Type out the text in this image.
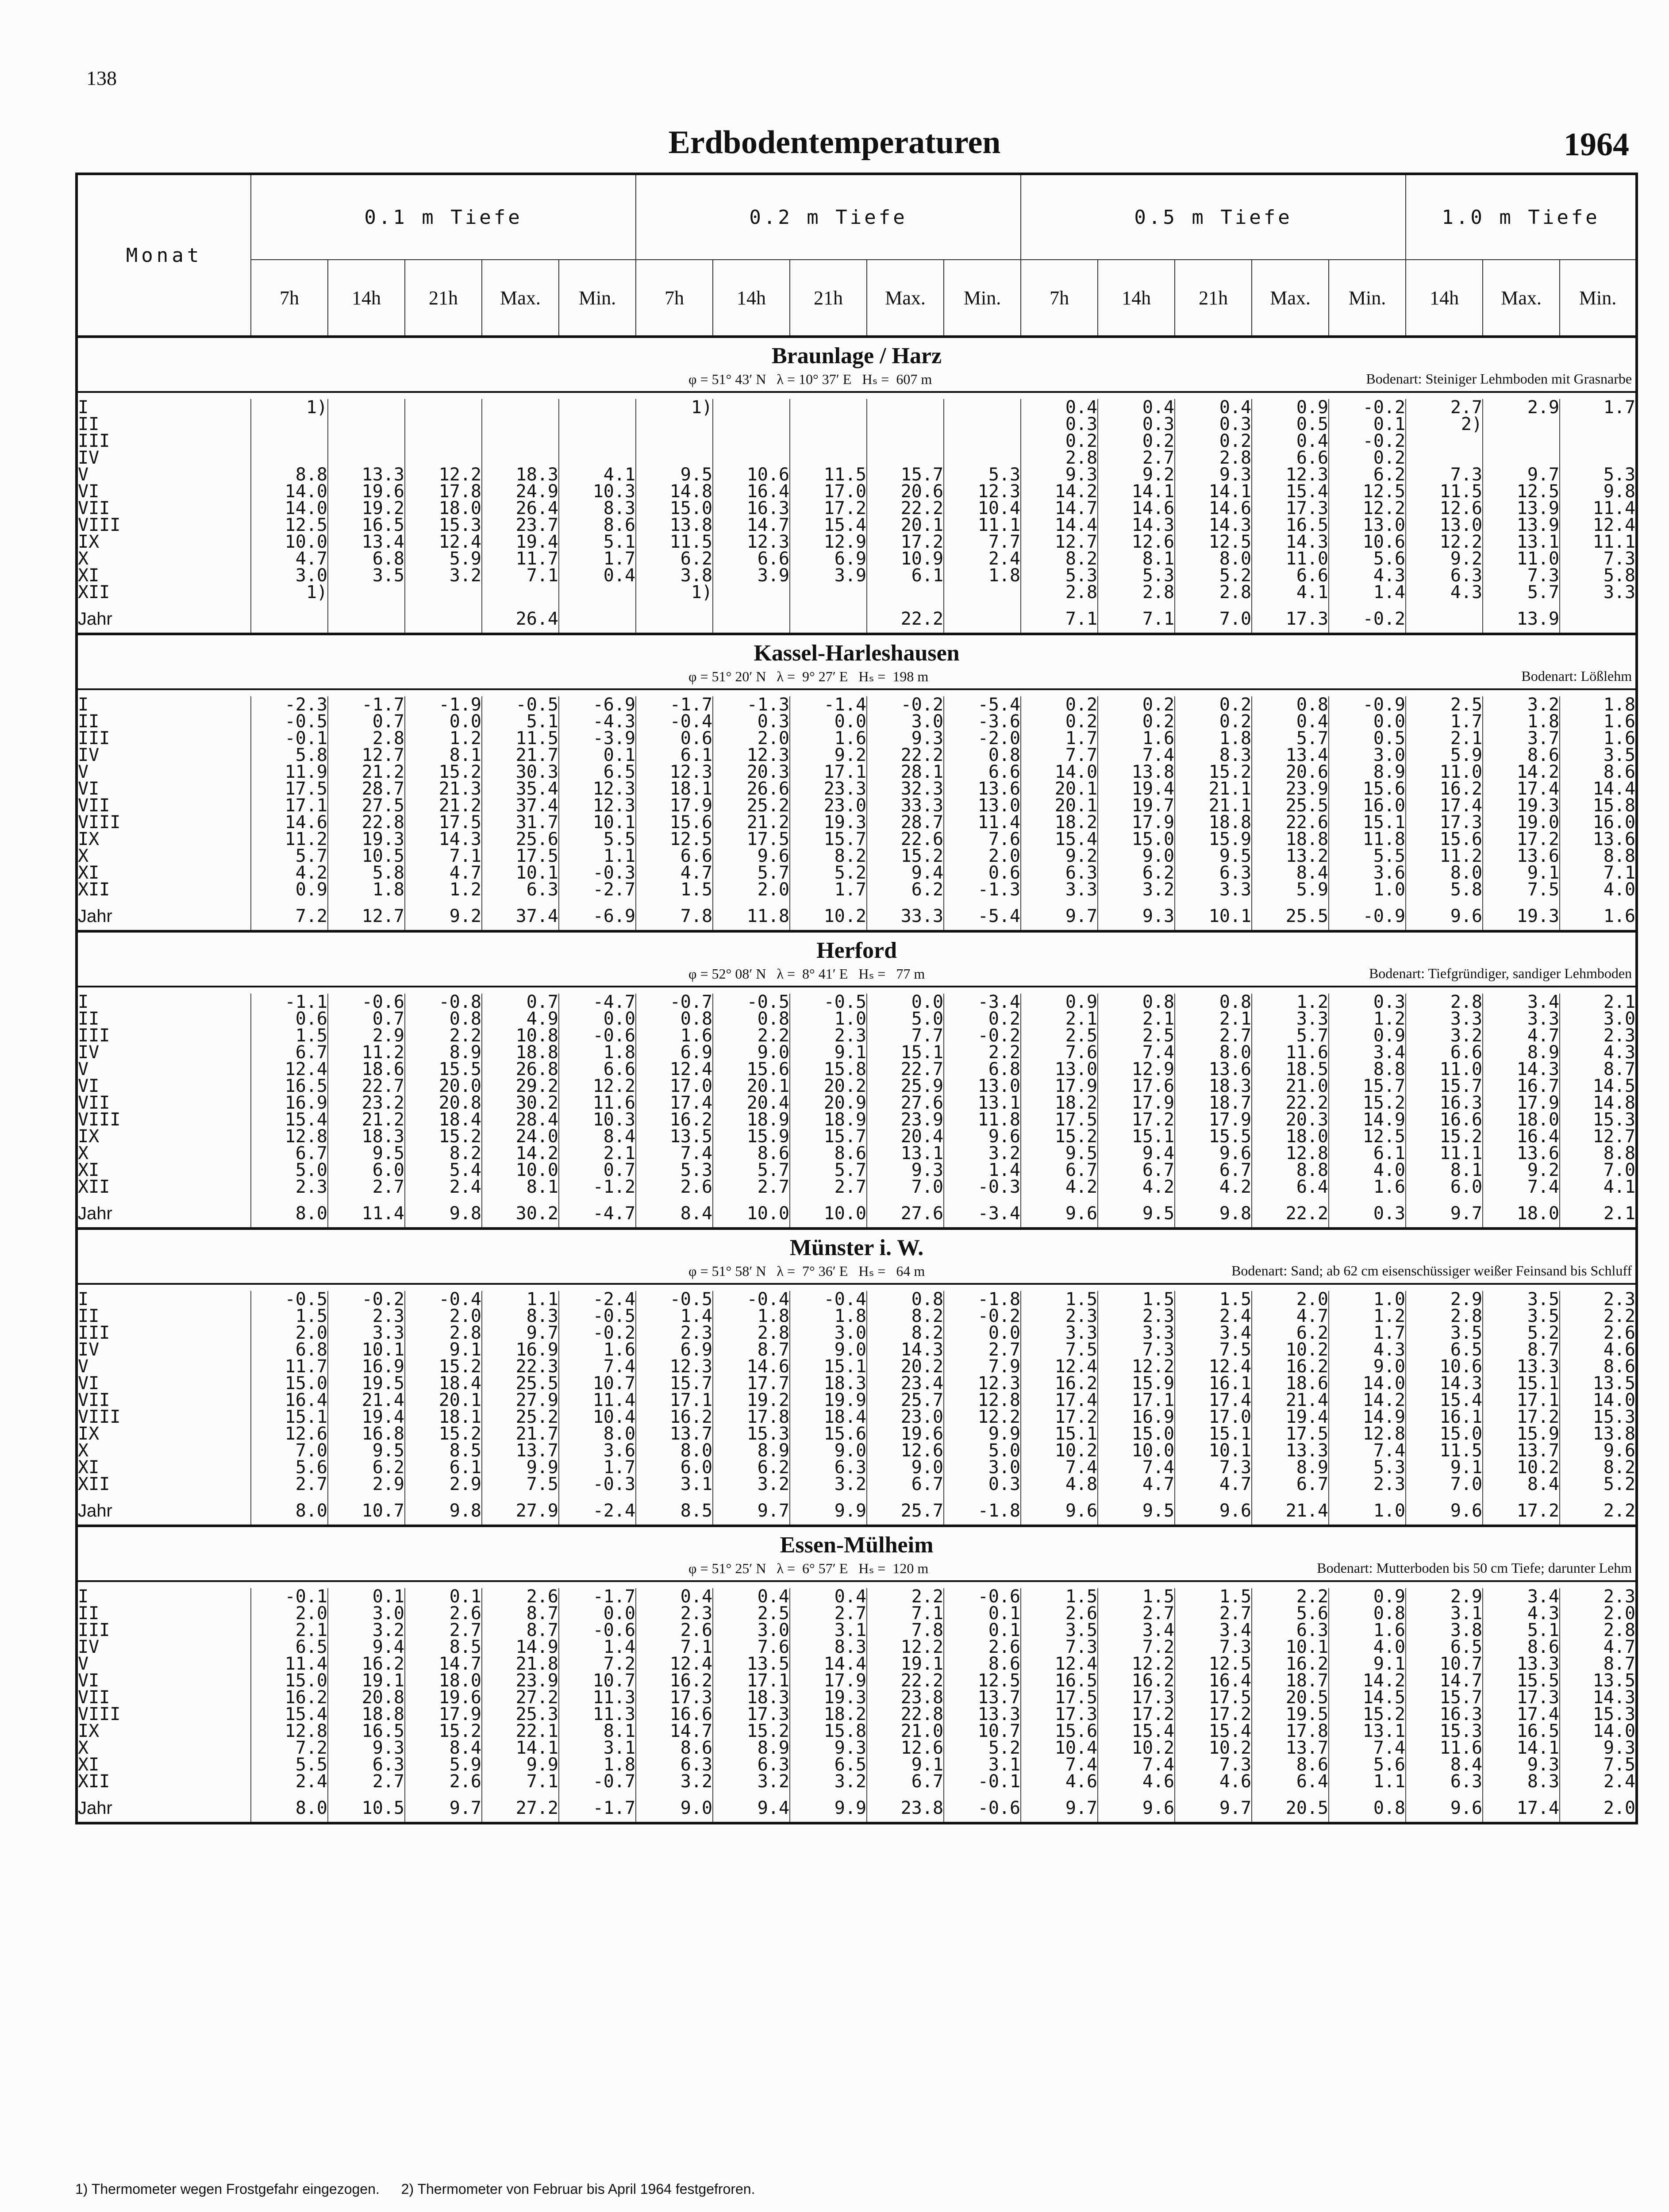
138
Erdbodentemperaturen	1964
Monat	0.1 m Tiefe					0.2 m Tiefe					0.5 m Tiefe					1.0 m Tiefe		
	7h	14h	21h	Max.	Min.	7h	14h	21h	Max.	Min.	7h	14h	21h	Max.	Min.	14h	Max.	Min.
Braunlage / Harz																		

φ = 51° 43′ N   λ = 10° 37′ E   Hₛ =  607 m Bodenart: Steiniger Lehmboden mit Grasnarbe																		

I	1)					1)					0.4	0.4	0.4	0.9	-0.2	2.7	2.9	1.7
II											0.3	0.3	0.3	0.5	0.1	2)		
III											0.2	0.2	0.2	0.4	-0.2			
IV											2.8	2.7	2.8	6.6	0.2			
V	8.8	13.3	12.2	18.3	4.1	9.5	10.6	11.5	15.7	5.3	9.3	9.2	9.3	12.3	6.2	7.3	9.7	5.3
VI	14.0	19.6	17.8	24.9	10.3	14.8	16.4	17.0	20.6	12.3	14.2	14.1	14.1	15.4	12.5	11.5	12.5	9.8
VII	14.0	19.2	18.0	26.4	8.3	15.0	16.3	17.2	22.2	10.4	14.7	14.6	14.6	17.3	12.2	12.6	13.9	11.4
VIII	12.5	16.5	15.3	23.7	8.6	13.8	14.7	15.4	20.1	11.1	14.4	14.3	14.3	16.5	13.0	13.0	13.9	12.4
IX	10.0	13.4	12.4	19.4	5.1	11.5	12.3	12.9	17.2	7.7	12.7	12.6	12.5	14.3	10.6	12.2	13.1	11.1
X	4.7	6.8	5.9	11.7	1.7	6.2	6.6	6.9	10.9	2.4	8.2	8.1	8.0	11.0	5.6	9.2	11.0	7.3
XI	3.0	3.5	3.2	7.1	0.4	3.8	3.9	3.9	6.1	1.8	5.3	5.3	5.2	6.6	4.3	6.3	7.3	5.8
XII	1)					1)					2.8	2.8	2.8	4.1	1.4	4.3	5.7	3.3
Jahr				26.4					22.2		7.1	7.1	7.0	17.3	-0.2		13.9	
Kassel-Harleshausen																		

φ = 51° 20′ N   λ =  9° 27′ E   Hₛ =  198 m Bodenart: Lößlehm																		

I	-2.3	-1.7	-1.9	-0.5	-6.9	-1.7	-1.3	-1.4	-0.2	-5.4	0.2	0.2	0.2	0.8	-0.9	2.5	3.2	1.8
II	-0.5	0.7	0.0	5.1	-4.3	-0.4	0.3	0.0	3.0	-3.6	0.2	0.2	0.2	0.4	0.0	1.7	1.8	1.6
III	-0.1	2.8	1.2	11.5	-3.9	0.6	2.0	1.6	9.3	-2.0	1.7	1.6	1.8	5.7	0.5	2.1	3.7	1.6
IV	5.8	12.7	8.1	21.7	0.1	6.1	12.3	9.2	22.2	0.8	7.7	7.4	8.3	13.4	3.0	5.9	8.6	3.5
V	11.9	21.2	15.2	30.3	6.5	12.3	20.3	17.1	28.1	6.6	14.0	13.8	15.2	20.6	8.9	11.0	14.2	8.6
VI	17.5	28.7	21.3	35.4	12.3	18.1	26.6	23.3	32.3	13.6	20.1	19.4	21.1	23.9	15.6	16.2	17.4	14.4
VII	17.1	27.5	21.2	37.4	12.3	17.9	25.2	23.0	33.3	13.0	20.1	19.7	21.1	25.5	16.0	17.4	19.3	15.8
VIII	14.6	22.8	17.5	31.7	10.1	15.6	21.2	19.3	28.7	11.4	18.2	17.9	18.8	22.6	15.1	17.3	19.0	16.0
IX	11.2	19.3	14.3	25.6	5.5	12.5	17.5	15.7	22.6	7.6	15.4	15.0	15.9	18.8	11.8	15.6	17.2	13.6
X	5.7	10.5	7.1	17.5	1.1	6.6	9.6	8.2	15.2	2.0	9.2	9.0	9.5	13.2	5.5	11.2	13.6	8.8
XI	4.2	5.8	4.7	10.1	-0.3	4.7	5.7	5.2	9.4	0.6	6.3	6.2	6.3	8.4	3.6	8.0	9.1	7.1
XII	0.9	1.8	1.2	6.3	-2.7	1.5	2.0	1.7	6.2	-1.3	3.3	3.2	3.3	5.9	1.0	5.8	7.5	4.0
Jahr	7.2	12.7	9.2	37.4	-6.9	7.8	11.8	10.2	33.3	-5.4	9.7	9.3	10.1	25.5	-0.9	9.6	19.3	1.6
Herford																		

φ = 52° 08′ N   λ =  8° 41′ E   Hₛ =   77 m Bodenart: Tiefgründiger, sandiger Lehmboden																		

I	-1.1	-0.6	-0.8	0.7	-4.7	-0.7	-0.5	-0.5	0.0	-3.4	0.9	0.8	0.8	1.2	0.3	2.8	3.4	2.1
II	0.6	0.7	0.8	4.9	0.0	0.8	0.8	1.0	5.0	0.2	2.1	2.1	2.1	3.3	1.2	3.3	3.3	3.0
III	1.5	2.9	2.2	10.8	-0.6	1.6	2.2	2.3	7.7	-0.2	2.5	2.5	2.7	5.7	0.9	3.2	4.7	2.3
IV	6.7	11.2	8.9	18.8	1.8	6.9	9.0	9.1	15.1	2.2	7.6	7.4	8.0	11.6	3.4	6.6	8.9	4.3
V	12.4	18.6	15.5	26.8	6.6	12.4	15.6	15.8	22.7	6.8	13.0	12.9	13.6	18.5	8.8	11.0	14.3	8.7
VI	16.5	22.7	20.0	29.2	12.2	17.0	20.1	20.2	25.9	13.0	17.9	17.6	18.3	21.0	15.7	15.7	16.7	14.5
VII	16.9	23.2	20.8	30.2	11.6	17.4	20.4	20.9	27.6	13.1	18.2	17.9	18.7	22.2	15.2	16.3	17.9	14.8
VIII	15.4	21.2	18.4	28.4	10.3	16.2	18.9	18.9	23.9	11.8	17.5	17.2	17.9	20.3	14.9	16.6	18.0	15.3
IX	12.8	18.3	15.2	24.0	8.4	13.5	15.9	15.7	20.4	9.6	15.2	15.1	15.5	18.0	12.5	15.2	16.4	12.7
X	6.7	9.5	8.2	14.2	2.1	7.4	8.6	8.6	13.1	3.2	9.5	9.4	9.6	12.8	6.1	11.1	13.6	8.8
XI	5.0	6.0	5.4	10.0	0.7	5.3	5.7	5.7	9.3	1.4	6.7	6.7	6.7	8.8	4.0	8.1	9.2	7.0
XII	2.3	2.7	2.4	8.1	-1.2	2.6	2.7	2.7	7.0	-0.3	4.2	4.2	4.2	6.4	1.6	6.0	7.4	4.1
Jahr	8.0	11.4	9.8	30.2	-4.7	8.4	10.0	10.0	27.6	-3.4	9.6	9.5	9.8	22.2	0.3	9.7	18.0	2.1
Münster i. W.																		

φ = 51° 58′ N   λ =  7° 36′ E   Hₛ =   64 m Bodenart: Sand; ab 62 cm eisenschüssiger weißer Feinsand bis Schluff																		

I	-0.5	-0.2	-0.4	1.1	-2.4	-0.5	-0.4	-0.4	0.8	-1.8	1.5	1.5	1.5	2.0	1.0	2.9	3.5	2.3
II	1.5	2.3	2.0	8.3	-0.5	1.4	1.8	1.8	8.2	-0.2	2.3	2.3	2.4	4.7	1.2	2.8	3.5	2.2
III	2.0	3.3	2.8	9.7	-0.2	2.3	2.8	3.0	8.2	0.0	3.3	3.3	3.4	6.2	1.7	3.5	5.2	2.6
IV	6.8	10.1	9.1	16.9	1.6	6.9	8.7	9.0	14.3	2.7	7.5	7.3	7.5	10.2	4.3	6.5	8.7	4.6
V	11.7	16.9	15.2	22.3	7.4	12.3	14.6	15.1	20.2	7.9	12.4	12.2	12.4	16.2	9.0	10.6	13.3	8.6
VI	15.0	19.5	18.4	25.5	10.7	15.7	17.7	18.3	23.4	12.3	16.2	15.9	16.1	18.6	14.0	14.3	15.1	13.5
VII	16.4	21.4	20.1	27.9	11.4	17.1	19.2	19.9	25.7	12.8	17.4	17.1	17.4	21.4	14.2	15.4	17.1	14.0
VIII	15.1	19.4	18.1	25.2	10.4	16.2	17.8	18.4	23.0	12.2	17.2	16.9	17.0	19.4	14.9	16.1	17.2	15.3
IX	12.6	16.8	15.2	21.7	8.0	13.7	15.3	15.6	19.6	9.9	15.1	15.0	15.1	17.5	12.8	15.0	15.9	13.8
X	7.0	9.5	8.5	13.7	3.6	8.0	8.9	9.0	12.6	5.0	10.2	10.0	10.1	13.3	7.4	11.5	13.7	9.6
XI	5.6	6.2	6.1	9.9	1.7	6.0	6.2	6.3	9.0	3.0	7.4	7.4	7.3	8.9	5.3	9.1	10.2	8.2
XII	2.7	2.9	2.9	7.5	-0.3	3.1	3.2	3.2	6.7	0.3	4.8	4.7	4.7	6.7	2.3	7.0	8.4	5.2
Jahr	8.0	10.7	9.8	27.9	-2.4	8.5	9.7	9.9	25.7	-1.8	9.6	9.5	9.6	21.4	1.0	9.6	17.2	2.2
Essen-Mülheim																		

φ = 51° 25′ N   λ =  6° 57′ E   Hₛ =  120 m Bodenart: Mutterboden bis 50 cm Tiefe; darunter Lehm																		

I	-0.1	0.1	0.1	2.6	-1.7	0.4	0.4	0.4	2.2	-0.6	1.5	1.5	1.5	2.2	0.9	2.9	3.4	2.3
II	2.0	3.0	2.6	8.7	0.0	2.3	2.5	2.7	7.1	0.1	2.6	2.7	2.7	5.6	0.8	3.1	4.3	2.0
III	2.1	3.2	2.7	8.7	-0.6	2.6	3.0	3.1	7.8	0.1	3.5	3.4	3.4	6.3	1.6	3.8	5.1	2.8
IV	6.5	9.4	8.5	14.9	1.4	7.1	7.6	8.3	12.2	2.6	7.3	7.2	7.3	10.1	4.0	6.5	8.6	4.7
V	11.4	16.2	14.7	21.8	7.2	12.4	13.5	14.4	19.1	8.6	12.4	12.2	12.5	16.2	9.1	10.7	13.3	8.7
VI	15.0	19.1	18.0	23.9	10.7	16.2	17.1	17.9	22.2	12.5	16.5	16.2	16.4	18.7	14.2	14.7	15.5	13.5
VII	16.2	20.8	19.6	27.2	11.3	17.3	18.3	19.3	23.8	13.7	17.5	17.3	17.5	20.5	14.5	15.7	17.3	14.3
VIII	15.4	18.8	17.9	25.3	11.3	16.6	17.3	18.2	22.8	13.3	17.3	17.2	17.2	19.5	15.2	16.3	17.4	15.3
IX	12.8	16.5	15.2	22.1	8.1	14.7	15.2	15.8	21.0	10.7	15.6	15.4	15.4	17.8	13.1	15.3	16.5	14.0
X	7.2	9.3	8.4	14.1	3.1	8.6	8.9	9.3	12.6	5.2	10.4	10.2	10.2	13.7	7.4	11.6	14.1	9.3
XI	5.5	6.3	5.9	9.9	1.8	6.3	6.3	6.5	9.1	3.1	7.4	7.4	7.3	8.6	5.6	8.4	9.3	7.5
XII	2.4	2.7	2.6	7.1	-0.7	3.2	3.2	3.2	6.7	-0.1	4.6	4.6	4.6	6.4	1.1	6.3	8.3	2.4
Jahr	8.0	10.5	9.7	27.2	-1.7	9.0	9.4	9.9	23.8	-0.6	9.7	9.6	9.7	20.5	0.8	9.6	17.4	2.0
1) Thermometer wegen Frostgefahr eingezogen. 2) Thermometer von Februar bis April 1964 festgefroren.
